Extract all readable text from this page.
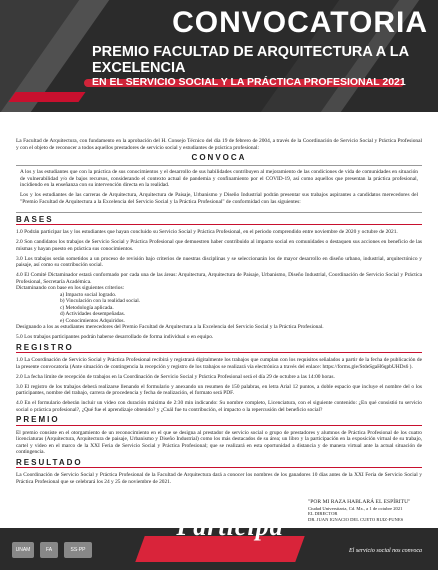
CONVOCATORIA
PREMIO FACULTAD DE ARQUITECTURA A LA EXCELENCIA
EN EL SERVICIO SOCIAL Y LA PRÁCTICA PROFESIONAL 2021

La Facultad de Arquitectura, con fundamento en la aprobación del H. Consejo Técnico del día 19 de febrero de 2004, a través de la Coordinación de Servicio Social y Práctica Profesional y con el objeto de reconocer a todos aquellos prestadores de servicio social y estudiantes de práctica profesional:

CONVOCA

A los y las estudiantes que con la práctica de sus conocimientos y el desarrollo de sus habilidades contribuyen al mejoramiento de las condiciones de vida de comunidades en situación de vulnerabilidad y/o de bajos recursos, considerando el contexto actual de pandemia y confinamiento por el COVID-19, así como aquellos que presentan la práctica profesional, incidiendo en la enseñanza con su intervención directa en la realidad.

Los y los estudiantes de las carreras de Arquitectura, Arquitectura de Paisaje, Urbanismo y Diseño Industrial podrán presentar sus trabajos aspirantes a candidatos merecedores del "Premio Facultad de Arquitectura a la Excelencia del Servicio Social y la Práctica Profesional" de conformidad con las siguientes:

BASES

1.0 Podrán participar las y los estudiantes que hayan concluido su Servicio Social y Práctica Profesional, en el periodo comprendido entre noviembre de 2020 y octubre de 2021.

2.0 Son candidatos los trabajos de Servicio Social y Práctica Profesional que demuestren haber contribuido al impacto social en comunidades o destaquen sus acciones en beneficio de las mismas y hayan puesto en práctica sus conocimientos.

3.0 Los trabajos serán sometidos a un proceso de revisión bajo criterios de nuestras disciplinas y se seleccionarán los de mayor desarrollo en diseño urbano, industrial, arquitectónico y paisaje, así como su contribución social.

4.0 El Comité Dictaminador estará conformado por cada una de las áreas: Arquitectura, Arquitectura de Paisaje, Urbanismo, Diseño Industrial, Coordinación de Servicio Social y Práctica Profesional, Secretaría Académica.

Dictaminando con base en los siguientes criterios:

a) Impacto social logrado.
b) Vinculación con la realidad social.
c) Metodología aplicada.
d) Actividades desempeñadas.
e) Conocimientos Adquiridos.

Designando a los as estudiantes merecedores del Premio Facultad de Arquitectura a la Excelencia del Servicio Social y la Práctica Profesional.

5.0 Los trabajos participantes podrán haberse desarrollado de forma individual o en equipo.

REGISTRO

1.0 La Coordinación de Servicio Social y Práctica Profesional recibirá y registrará digitalmente los trabajos que cumplan con los requisitos señalados a partir de la fecha de publicación de la presente convocatoria (Ante situación de contingencia la recepción y registro de los trabajos se realizará vía electrónica a través del enlace: https://forms.gle/StdeSgaH6qpbUHDs6 ).

2.0 La fecha límite de recepción de trabajos en la Coordinación de Servicio Social y Práctica Profesional será el día 29 de octubre a las 14:00 horas.

3.0 El registro de los trabajos deberá realizarse llenando el formulario y anexando un resumen de 150 palabras, en letra Arial 12 puntos, a doble espacio que incluye el nombre del o los participantes, nombre del trabajo, carrera de procedencia y fecha de realización, el formato será PDF.

4.0 En el formulario deberán incluir un video con duración máxima de 2:30 min indicando: Su nombre completo, Licenciatura, con el siguiente contenido: ¿En qué consistió tu servicio social o práctica profesional?, ¿Qué fue el aprendizaje obtenido? y ¿Cuál fue tu contribución, el impacto o la repercusión del beneficio social?

PREMIO

El premio consiste en el otorgamiento de un reconocimiento en el que se designa al prestador de servicio social o grupo de prestadores y alumnos de Práctica Profesional de los cuatro licenciaturas (Arquitectura, Arquitectura de paisaje, Urbanismo y Diseño Industrial) como los más destacados de su área; un libro y la participación en la exposición virtual de su trabajo, cartel y video en el marco de la XXI Feria de Servicio Social y Práctica Profesional; que se realizará en esta oportunidad a distancia y de manera virtual ante la actual situación de contingencia.

RESULTADO

La Coordinación de Servicio Social y Práctica Profesional de la Facultad de Arquitectura dará a conocer los nombres de los ganadores 10 días antes de la XXI Feria de Servicio Social y Práctica Profesional que se celebrará los 24 y 25 de noviembre de 2021.

"POR MI RAZA HABLARÁ EL ESPÍRITU"
Ciudad Universitaria, Cd. Mx., a 1 de octubre 2021
EL DIRECTOR
DR. JUAN IGNACIO DEL CUETO RUIZ-FUNES
UNAM	FA	SS·PP	El servicio social nos convoca
Participa
